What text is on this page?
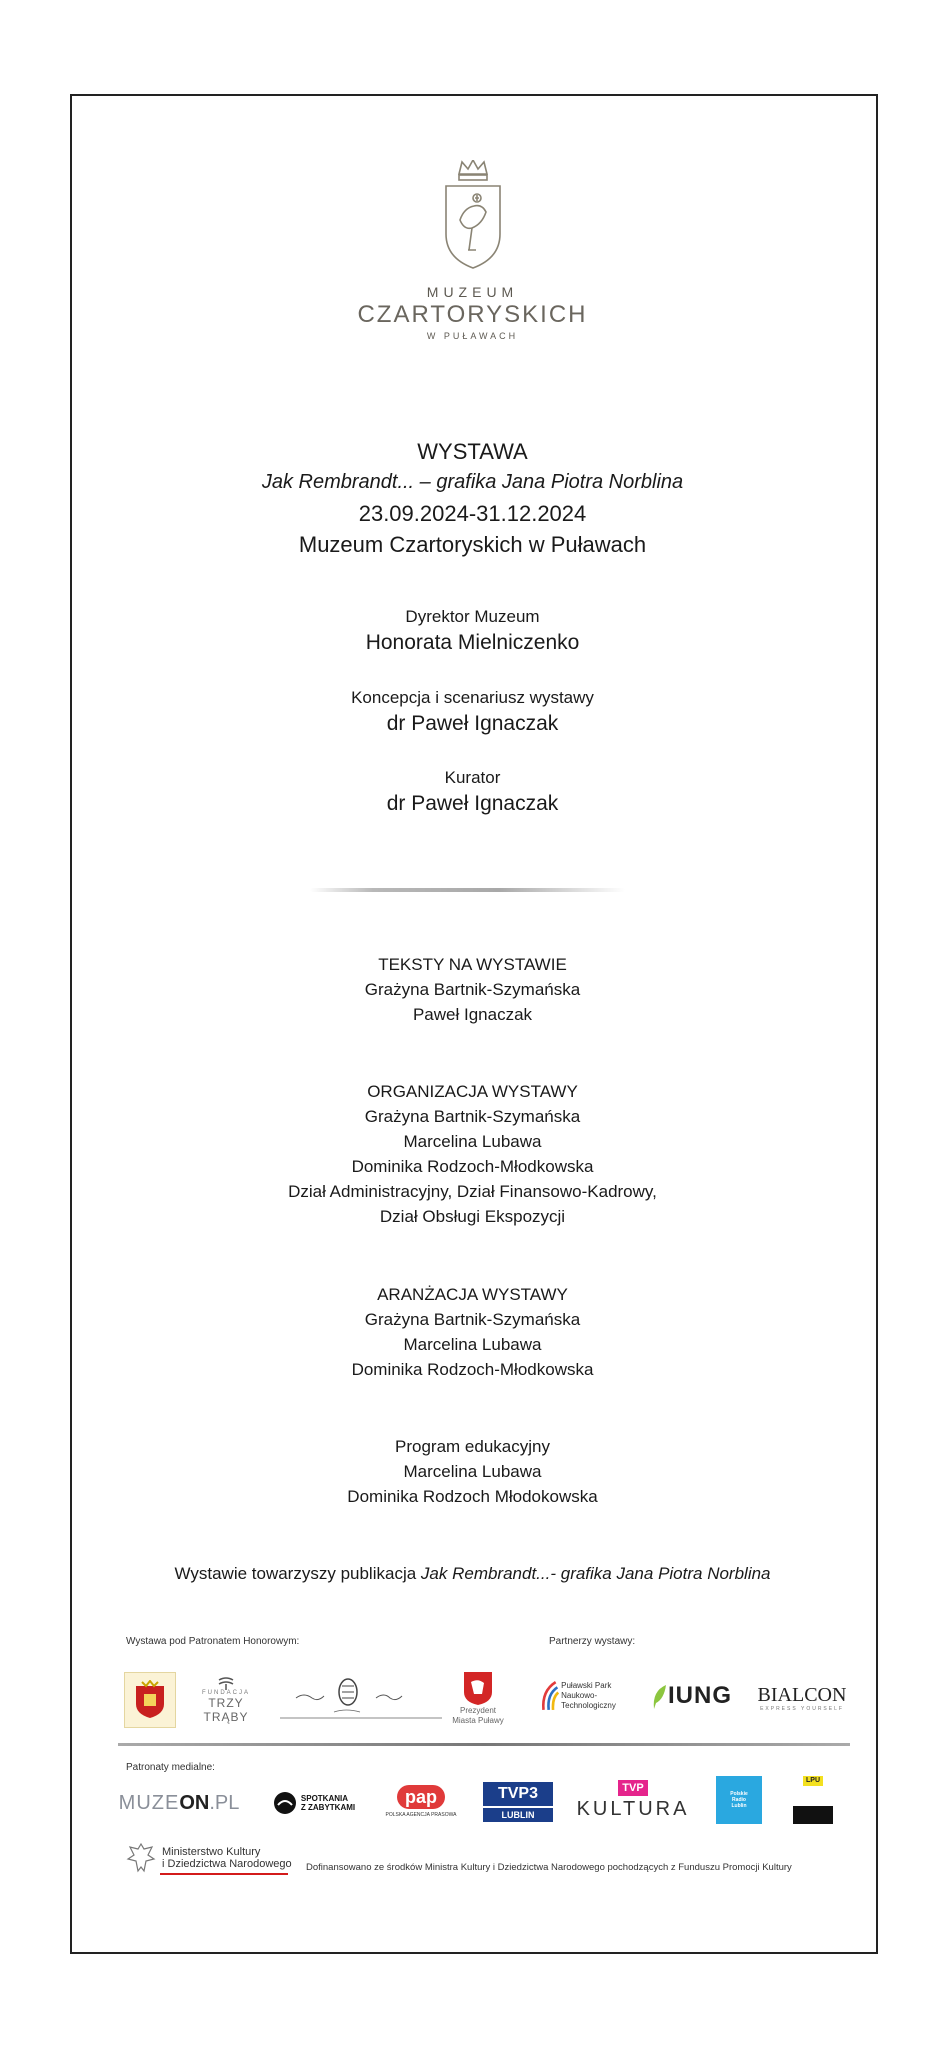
MUZEUM
CZARTORYSKICH
W PUŁAWACH
WYSTAWA
Jak Rembrandt... – grafika Jana Piotra Norblina
23.09.2024-31.12.2024
Muzeum Czartoryskich w Puławach
Dyrektor Muzeum
Honorata Mielniczenko
Koncepcja i scenariusz wystawy
dr Paweł Ignaczak
Kurator
dr Paweł Ignaczak
TEKSTY NA WYSTAWIE
Grażyna Bartnik-Szymańska
Paweł Ignaczak
ORGANIZACJA WYSTAWY
Grażyna Bartnik-Szymańska
Marcelina Lubawa
Dominika Rodzoch-Młodkowska
Dział Administracyjny, Dział Finansowo-Kadrowy,
Dział Obsługi Ekspozycji
ARANŻACJA WYSTAWY
Grażyna Bartnik-Szymańska
Marcelina Lubawa
Dominika Rodzoch-Młodkowska
Program edukacyjny
Marcelina Lubawa
Dominika Rodzoch Młodokowska
Wystawie towarzyszy publikacja Jak Rembrandt...- grafika Jana Piotra Norblina
Wystawa pod Patronatem Honorowym:	Partnerzy wystawy:
FUNDACJA
TRZY TRĄBY	Prezydent
Miasta Puławy
Puławski Park
Naukowo-Technologiczny	IUNG BIALCON
EXPRESS YOURSELF
Patronaty medialne:
MUZE ON .PL	SPOTKANIA
Z ZABYTKAMI
pap
POLSKA AGENCJA PRASOWA
TVP3
LUBLIN
TVP
KULTURA
Polskie
Radio
Lublin
LPU
Ministerstwo Kultury
i Dziedzictwa Narodowego Dofinansowano ze środków Ministra Kultury i Dziedzictwa Narodowego pochodzących z Funduszu Promocji Kultury
